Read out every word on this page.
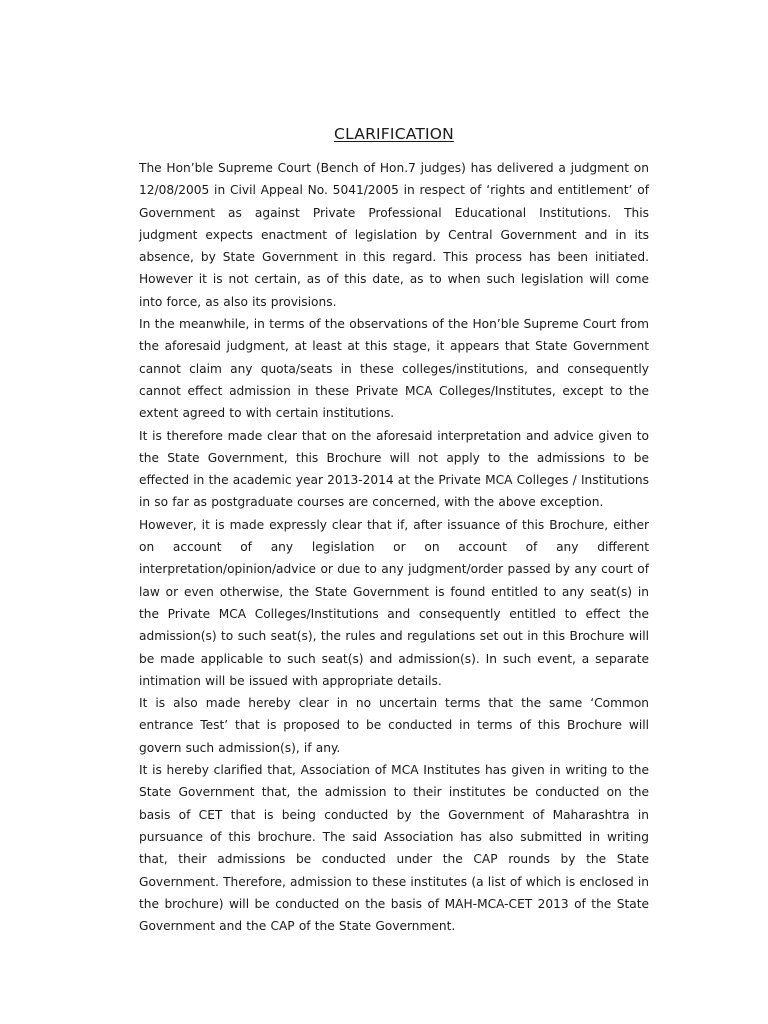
CLARIFICATION

The Hon’ble Supreme Court (Bench of Hon.7 judges) has delivered a judgment on 12/08/2005 in Civil Appeal No. 5041/2005 in respect of ‘rights and entitlement’ of Government as against Private Professional Educational Institutions. This judgment expects enactment of legislation by Central Government and in its absence, by State Government in this regard. This process has been initiated. However it is not certain, as of this date, as to when such legislation will come into force, as also its provisions.

In the meanwhile, in terms of the observations of the Hon’ble Supreme Court from the aforesaid judgment, at least at this stage, it appears that State Government cannot claim any quota/seats in these colleges/institutions, and consequently cannot effect admission in these Private MCA Colleges/Institutes, except to the extent agreed to with certain institutions.

It is therefore made clear that on the aforesaid interpretation and advice given to the State Government, this Brochure will not apply to the admissions to be effected in the academic year 2013-2014 at the Private MCA Colleges / Institutions in so far as postgraduate courses are concerned, with the above exception.

However, it is made expressly clear that if, after issuance of this Brochure, either on account of any legislation or on account of any different interpretation/opinion/advice or due to any judgment/order passed by any court of law or even otherwise, the State Government is found entitled to any seat(s) in the Private MCA Colleges/Institutions and consequently entitled to effect the admission(s) to such seat(s), the rules and regulations set out in this Brochure will be made applicable to such seat(s) and admission(s). In such event, a separate intimation will be issued with appropriate details.

It is also made hereby clear in no uncertain terms that the same ‘Common entrance Test’ that is proposed to be conducted in terms of this Brochure will govern such admission(s), if any.

It is hereby clarified that, Association of MCA Institutes has given in writing to the State Government that, the admission to their institutes be conducted on the basis of CET that is being conducted by the Government of Maharashtra in pursuance of this brochure. The said Association has also submitted in writing that, their admissions be conducted under the CAP rounds by the State Government. Therefore, admission to these institutes (a list of which is enclosed in the brochure) will be conducted on the basis of MAH-MCA-CET 2013 of the State Government and the CAP of the State Government.
